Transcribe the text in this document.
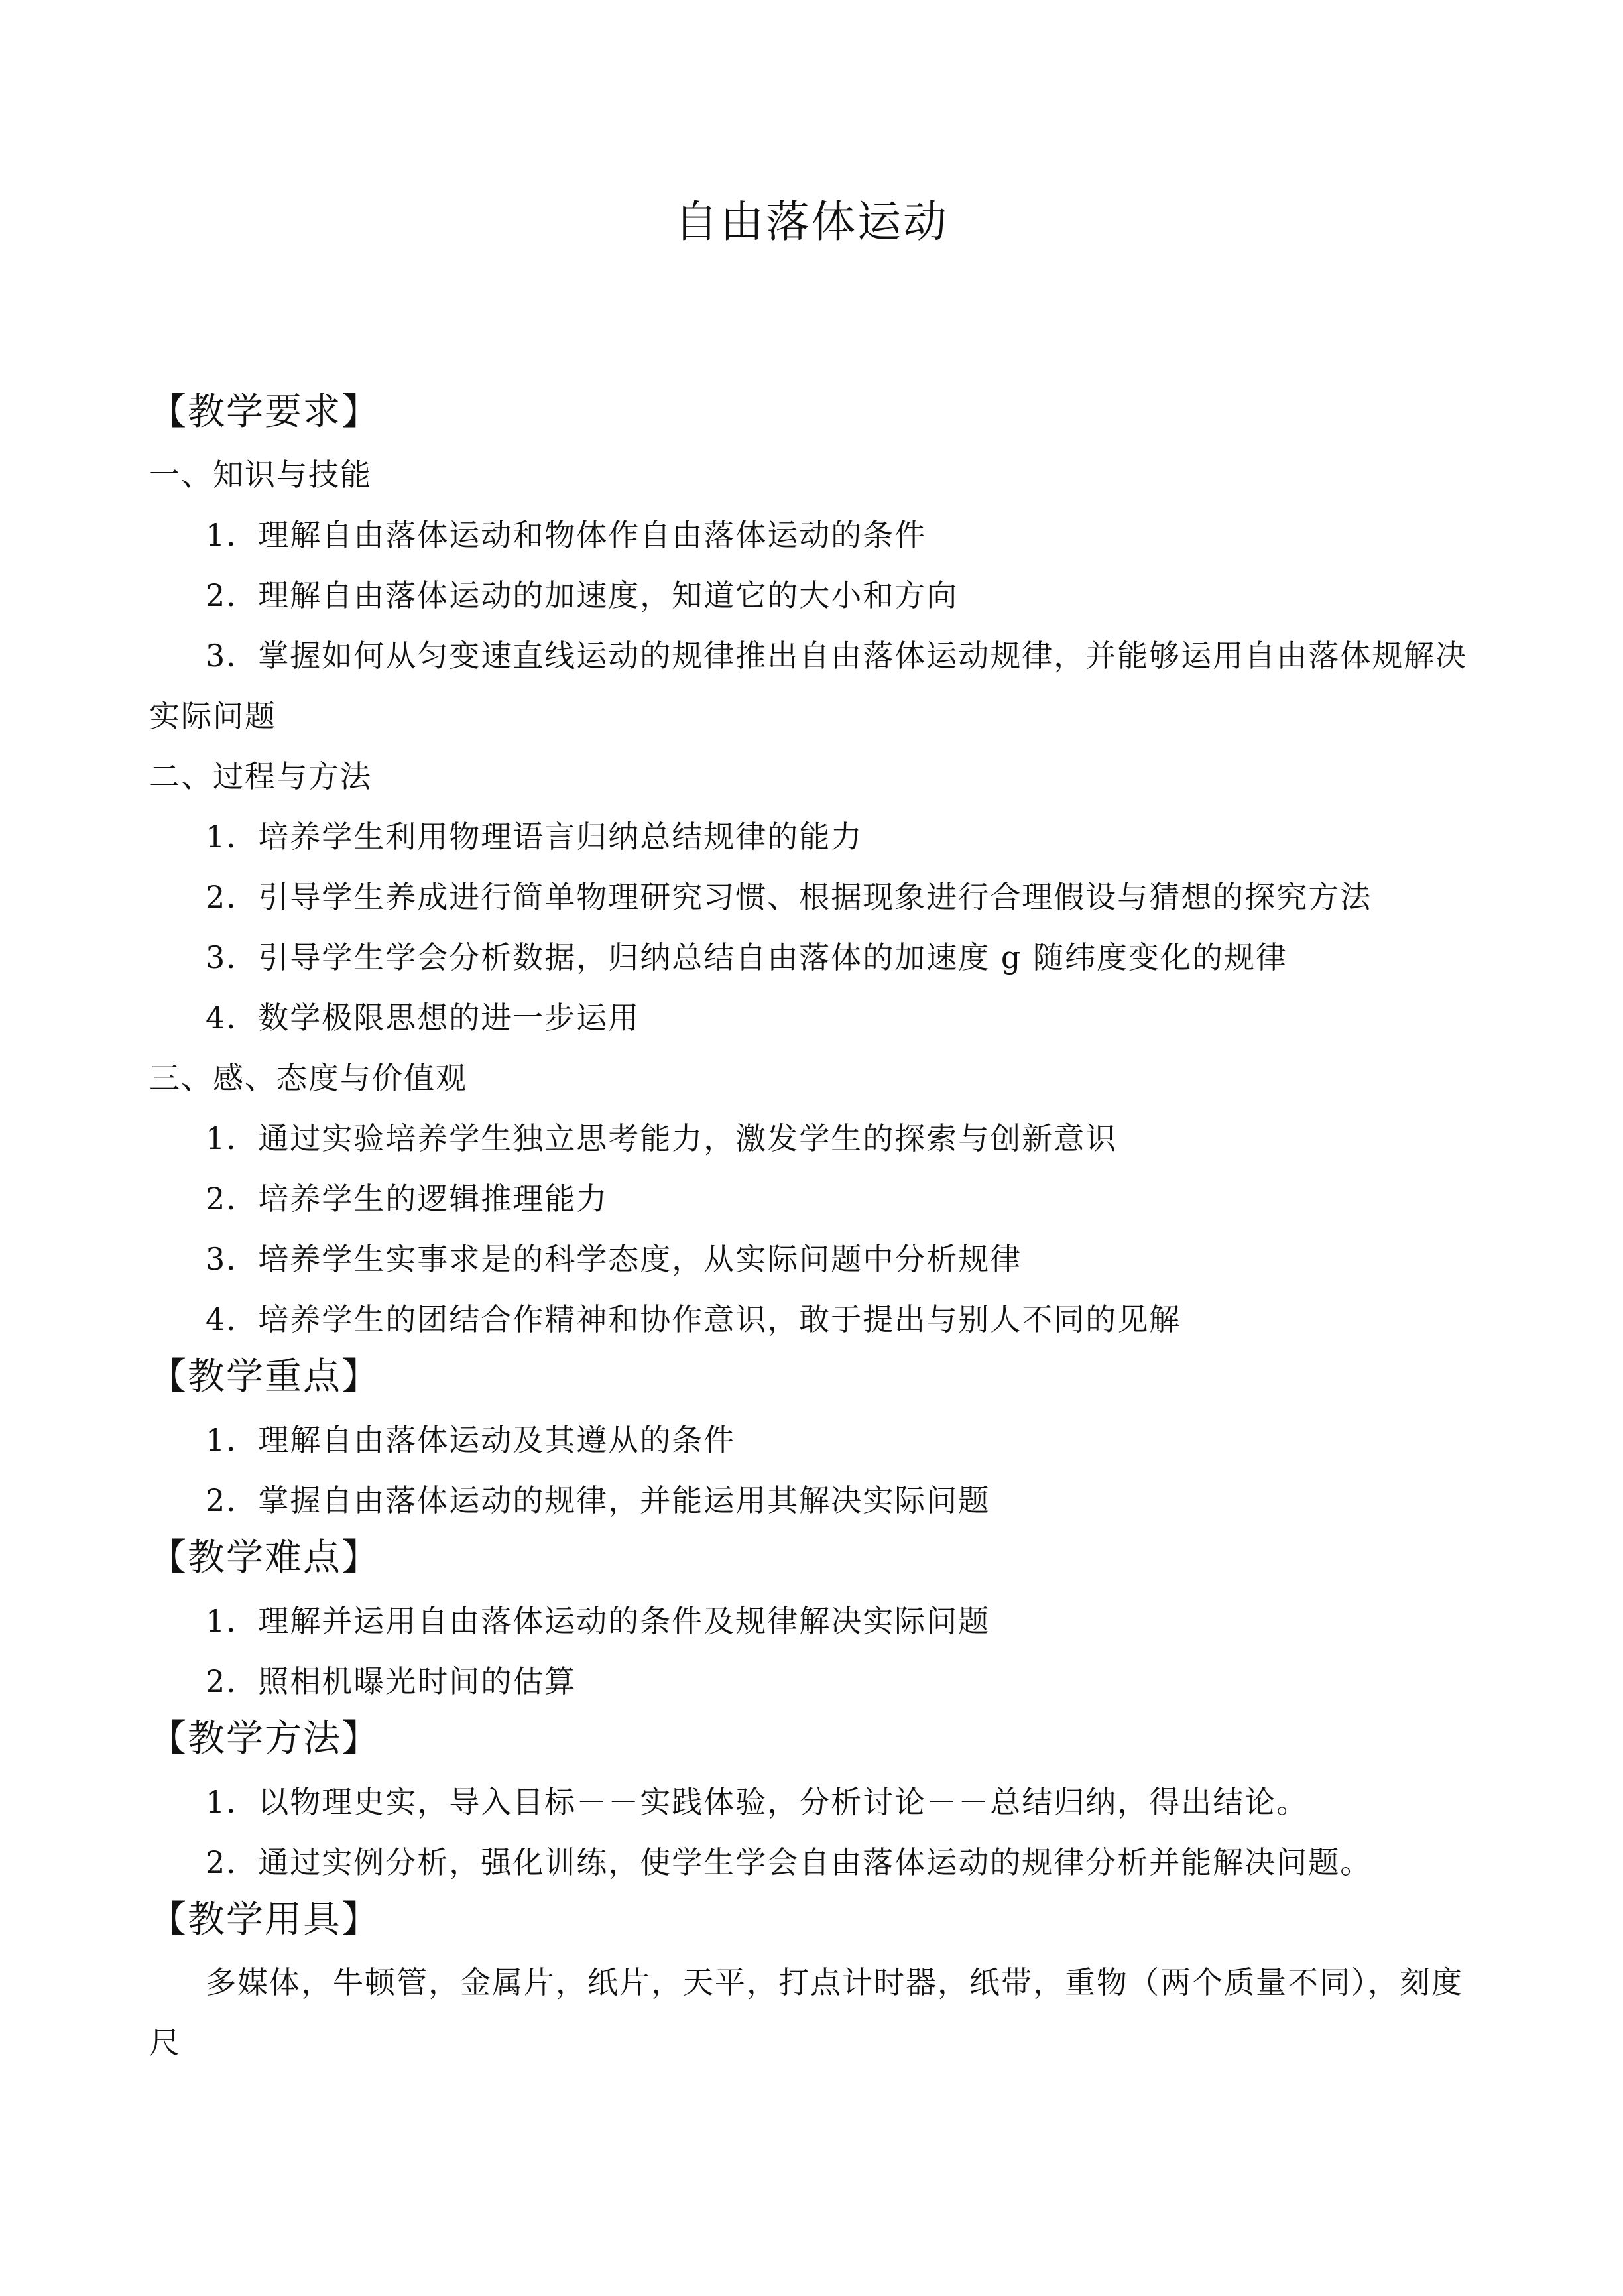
自由落体运动
【教学要求】
一、知识与技能
1．理解自由落体运动和物体作自由落体运动的条件
2．理解自由落体运动的加速度，知道它的大小和方向
3．掌握如何从匀变速直线运动的规律推出自由落体运动规律，并能够运用自由落体规解决实际问题
二、过程与方法
1．培养学生利用物理语言归纳总结规律的能力
2．引导学生养成进行简单物理研究习惯、根据现象进行合理假设与猜想的探究方法
3．引导学生学会分析数据，归纳总结自由落体的加速度 g 随纬度变化的规律
4．数学极限思想的进一步运用
三、感、态度与价值观
1．通过实验培养学生独立思考能力，激发学生的探索与创新意识
2．培养学生的逻辑推理能力
3．培养学生实事求是的科学态度，从实际问题中分析规律
4．培养学生的团结合作精神和协作意识，敢于提出与别人不同的见解
【教学重点】
1．理解自由落体运动及其遵从的条件
2．掌握自由落体运动的规律，并能运用其解决实际问题
【教学难点】
1．理解并运用自由落体运动的条件及规律解决实际问题
2．照相机曝光时间的估算
【教学方法】
1．以物理史实，导入目标－－实践体验，分析讨论－－总结归纳，得出结论。
2．通过实例分析，强化训练，使学生学会自由落体运动的规律分析并能解决问题。
【教学用具】
多媒体，牛顿管，金属片，纸片，天平，打点计时器，纸带，重物（两个质量不同），刻度尺
